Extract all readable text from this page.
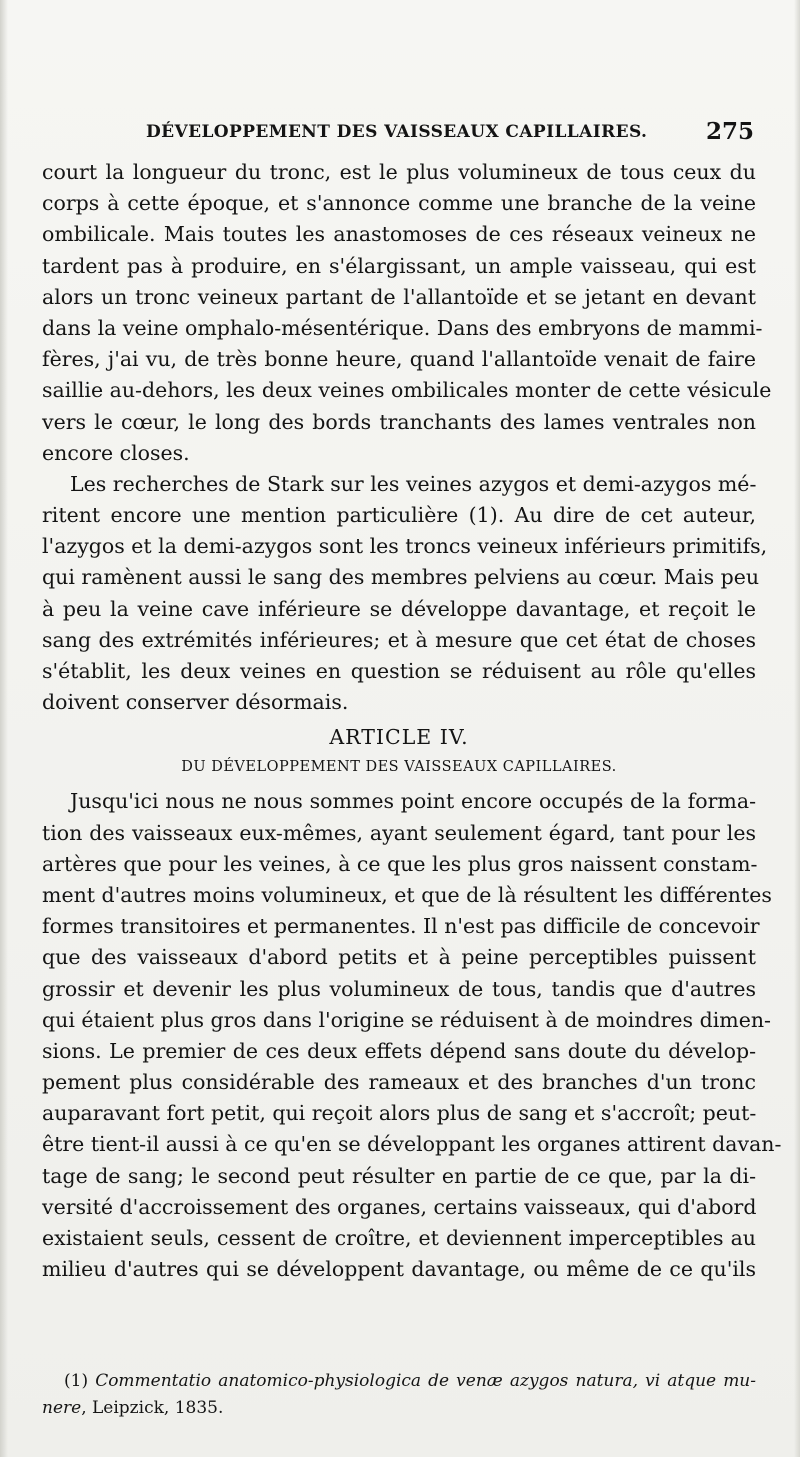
DÉVELOPPEMENT DES VAISSEAUX CAPILLAIRES.	275
court la longueur du tronc, est le plus volumineux de tous ceux du
corps à cette époque, et s'annonce comme une branche de la veine
ombilicale. Mais toutes les anastomoses de ces réseaux veineux ne
tardent pas à produire, en s'élargissant, un ample vaisseau, qui est
alors un tronc veineux partant de l'allantoïde et se jetant en devant
dans la veine omphalo-mésentérique. Dans des embryons de mammi-
fères, j'ai vu, de très bonne heure, quand l'allantoïde venait de faire
saillie au-dehors, les deux veines ombilicales monter de cette vésicule
vers le cœur, le long des bords tranchants des lames ventrales non
encore closes.
Les recherches de Stark sur les veines azygos et demi-azygos mé-
ritent encore une mention particulière (1). Au dire de cet auteur,
l'azygos et la demi-azygos sont les troncs veineux inférieurs primitifs,
qui ramènent aussi le sang des membres pelviens au cœur. Mais peu
à peu la veine cave inférieure se développe davantage, et reçoit le
sang des extrémités inférieures; et à mesure que cet état de choses
s'établit, les deux veines en question se réduisent au rôle qu'elles
doivent conserver désormais.
ARTICLE IV.
DU DÉVELOPPEMENT DES VAISSEAUX CAPILLAIRES.
Jusqu'ici nous ne nous sommes point encore occupés de la forma-
tion des vaisseaux eux-mêmes, ayant seulement égard, tant pour les
artères que pour les veines, à ce que les plus gros naissent constam-
ment d'autres moins volumineux, et que de là résultent les différentes
formes transitoires et permanentes. Il n'est pas difficile de concevoir
que des vaisseaux d'abord petits et à peine perceptibles puissent
grossir et devenir les plus volumineux de tous, tandis que d'autres
qui étaient plus gros dans l'origine se réduisent à de moindres dimen-
sions. Le premier de ces deux effets dépend sans doute du dévelop-
pement plus considérable des rameaux et des branches d'un tronc
auparavant fort petit, qui reçoit alors plus de sang et s'accroît; peut-
être tient-il aussi à ce qu'en se développant les organes attirent davan-
tage de sang; le second peut résulter en partie de ce que, par la di-
versité d'accroissement des organes, certains vaisseaux, qui d'abord
existaient seuls, cessent de croître, et deviennent imperceptibles au
milieu d'autres qui se développent davantage, ou même de ce qu'ils
(1) Commentatio anatomico-physiologica de venæ azygos natura, vi atque mu-
nere, Leipzick, 1835.
